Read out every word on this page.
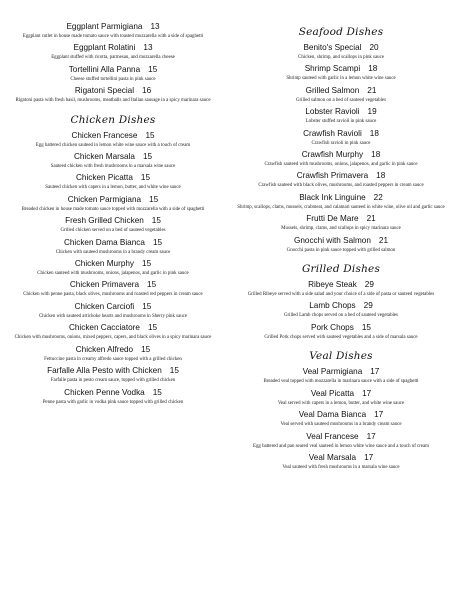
Eggplant Parmigiana 13
Eggplant cutlet in house made tomato sauce with toasted mozzarella with a side of spaghetti
Eggplant Rolatini 13
Eggplant stuffed with ricotta, parmesan, and mozzarella cheese
Tortellini Alla Panna 15
Cheese stuffed tortellini pasta in pink sauce
Rigatoni Special 16
Rigatoni pasta with fresh basil, mushrooms, meatballs and Italian sausage in a spicy marinara sauce
Chicken Dishes
Chicken Francese 15
Egg battered chicken sauteed in lemon white wine sauce with a touch of cream
Chicken Marsala 15
Sauteed chicken with fresh mushrooms in a marsala wine sauce
Chicken Picatta 15
Sauteed chicken with capers in a lemon, butter, and white wine sauce
Chicken Parmigiana 15
Breaded chicken in house made tomato sauce topped with mozzarella with a side of spaghetti
Fresh Grilled Chicken 15
Grilled chicken served on a bed of sauteed vegetables
Chicken Dama Bianca 15
Chicken with sauteed mushrooms in a brandy cream sauce
Chicken Murphy 15
Chicken sauteed with mushrooms, onions, jalapenos, and garlic in pink sauce
Chicken Primavera 15
Chicken with penne pasta, black olives, mushrooms and roasted red peppers in cream sauce
Chicken Carciofi 15
Chicken with sauteed artichoke hearts and mushrooms in Sherry pink sauce
Chicken Cacciatore 15
Chicken with mushrooms, onions, mixed peppers, capers, and black olives in a spicy marinara sauce
Chicken Alfredo 15
Fettuccine pasta in creamy alfredo sauce topped with a grilled chicken
Farfalle Alla Pesto with Chicken 15
Farfalle pasta in pesto cream sauce, topped with grilled chicken
Chicken Penne Vodka 15
Penne pasta with garlic in vodka pink sauce topped with grilled chicken
Seafood Dishes
Benito's Special 20
Chicken, shrimp, and scallops in pink sauce
Shrimp Scampi 18
Shrimp sauteed with garlic in a lemon white wine sauce
Grilled Salmon 21
Grilled salmon on a bed of sauteed vegetables
Lobster Ravioli 19
Lobster stuffed ravioli in pink sauce
Crawfish Ravioli 18
Crawfish ravioli in pink sauce
Crawfish Murphy 18
Crawfish sauteed with mushrooms, onions, jalapenos, and garlic in pink sauce
Crawfish Primavera 18
Crawfish sauteed with black olives, mushrooms, and roasted peppers in cream sauce
Black Ink Linguine 22
Shrimp, scallops, clams, mussels, crabmeat, and calamari sauteed in white wine, olive oil and garlic sauce
Frutti De Mare 21
Mussels, shrimp, clams, and scallops in spicy marinara sauce
Gnocchi with Salmon 21
Gnocchi pasta in pink sauce topped with grilled salmon
Grilled Dishes
Ribeye Steak 29
Grilled Ribeye served with a side salad and your choice of a side of pasta or sauteed vegetables
Lamb Chops 29
Grilled Lamb chops served on a bed of sauteed vegetables
Pork Chops 15
Grilled Pork chops served with sauteed vegetables and a side of marsala sauce
Veal Dishes
Veal Parmigiana 17
Breaded veal topped with mozzarella in marinara sauce with a side of spaghetti
Veal Picatta 17
Veal served with capers in a lemon, butter, and white wine sauce
Veal Dama Bianca 17
Veal served with sauteed mushrooms in a brandy cream sauce
Veal Francese 17
Egg battered and pan seared veal sauteed in lemon white wine sauce and a touch of cream
Veal Marsala 17
Veal sauteed with fresh mushrooms in a marsala wine sauce
